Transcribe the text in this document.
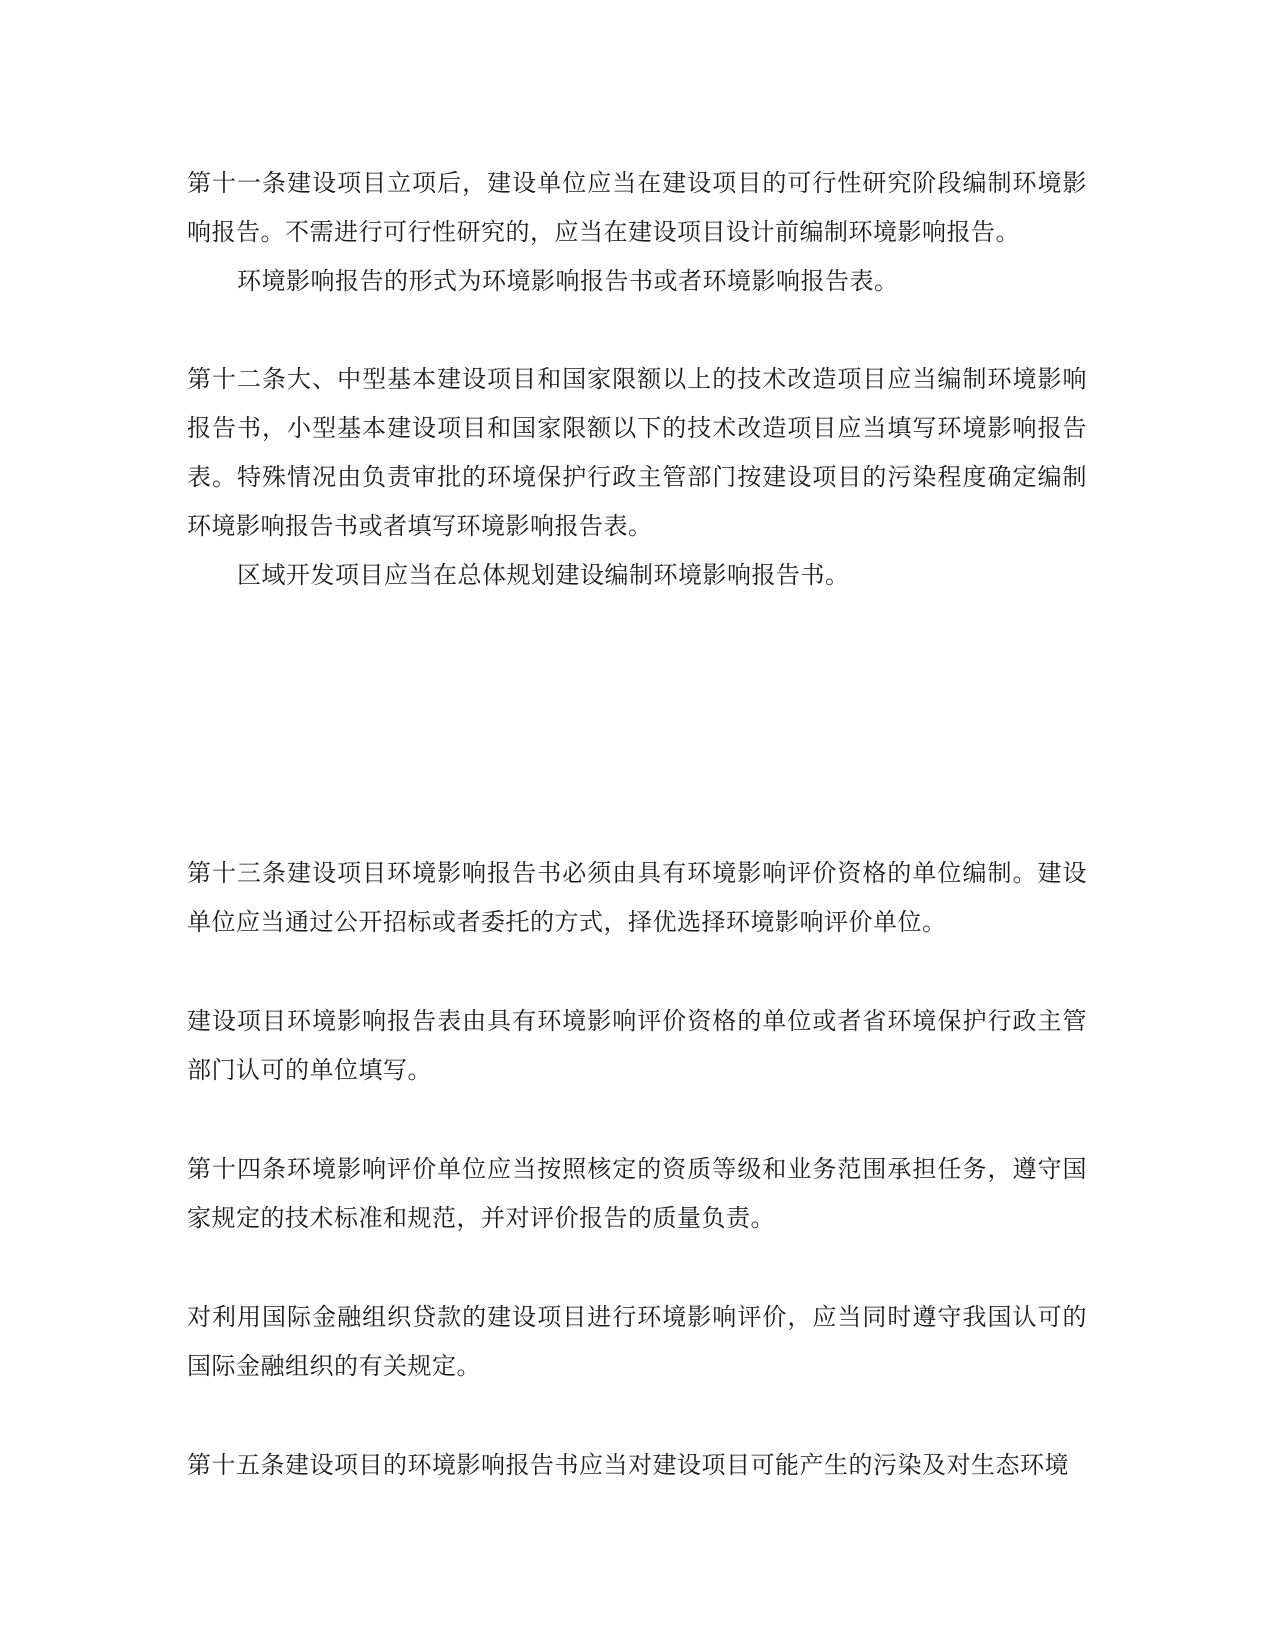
第十一条建设项目立项后，建设单位应当在建设项目的可行性研究阶段编制环境影响报告。不需进行可行性研究的，应当在建设项目设计前编制环境影响报告。

环境影响报告的形式为环境影响报告书或者环境影响报告表。

第十二条大、中型基本建设项目和国家限额以上的技术改造项目应当编制环境影响报告书，小型基本建设项目和国家限额以下的技术改造项目应当填写环境影响报告表。特殊情况由负责审批的环境保护行政主管部门按建设项目的污染程度确定编制环境影响报告书或者填写环境影响报告表。

区域开发项目应当在总体规划建设编制环境影响报告书。

第十三条建设项目环境影响报告书必须由具有环境影响评价资格的单位编制。建设单位应当通过公开招标或者委托的方式，择优选择环境影响评价单位。

建设项目环境影响报告表由具有环境影响评价资格的单位或者省环境保护行政主管部门认可的单位填写。

第十四条环境影响评价单位应当按照核定的资质等级和业务范围承担任务，遵守国家规定的技术标准和规范，并对评价报告的质量负责。

对利用国际金融组织贷款的建设项目进行环境影响评价，应当同时遵守我国认可的国际金融组织的有关规定。

第十五条建设项目的环境影响报告书应当对建设项目可能产生的污染及对生态环境
